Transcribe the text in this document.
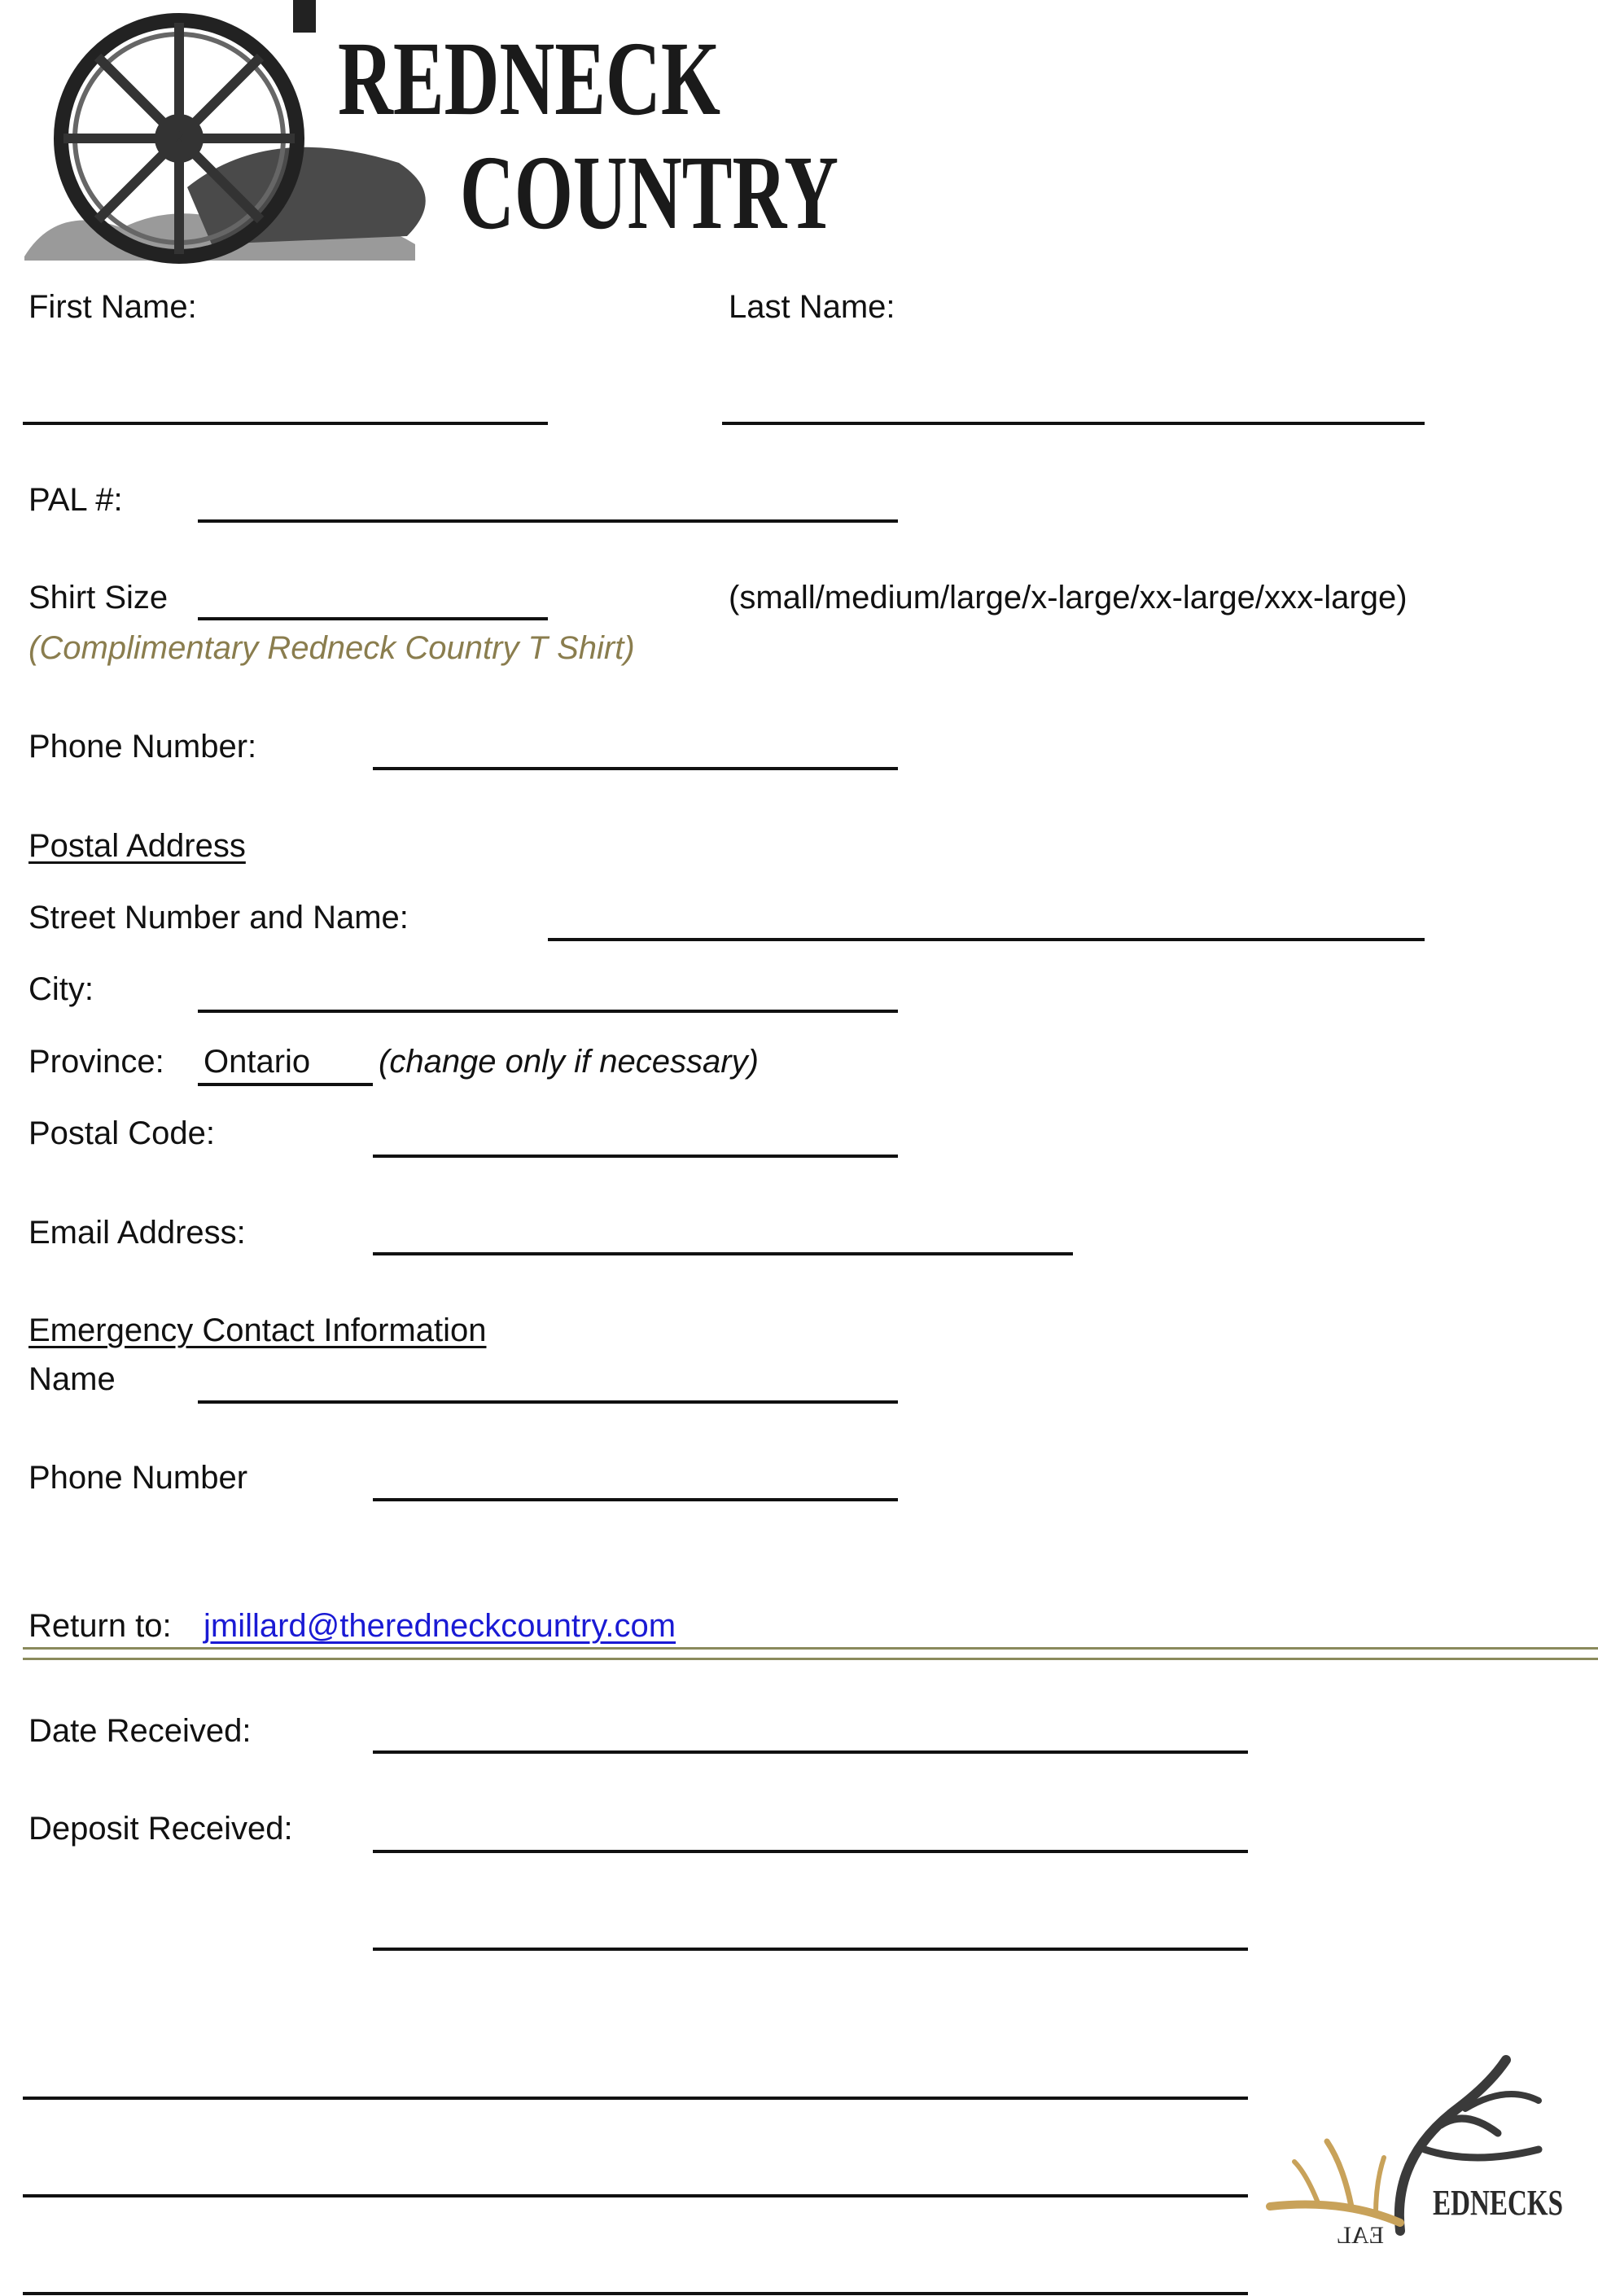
REDNECK
COUNTRY
First Name:	Last Name:
PAL #:
Shirt Size	(small/medium/large/x-large/xx-large/xxx-large)
(Complimentary Redneck Country T Shirt)
Phone Number:
Postal Address
Street Number and Name:
City:
Province: Ontario (change only if necessary)
Postal Code:
Email Address:
Emergency Contact Information
Name
Phone Number
Return to: jmillard@theredneckcountry.com
Date Received:
Deposit Received:
EDNECKS
EAL
